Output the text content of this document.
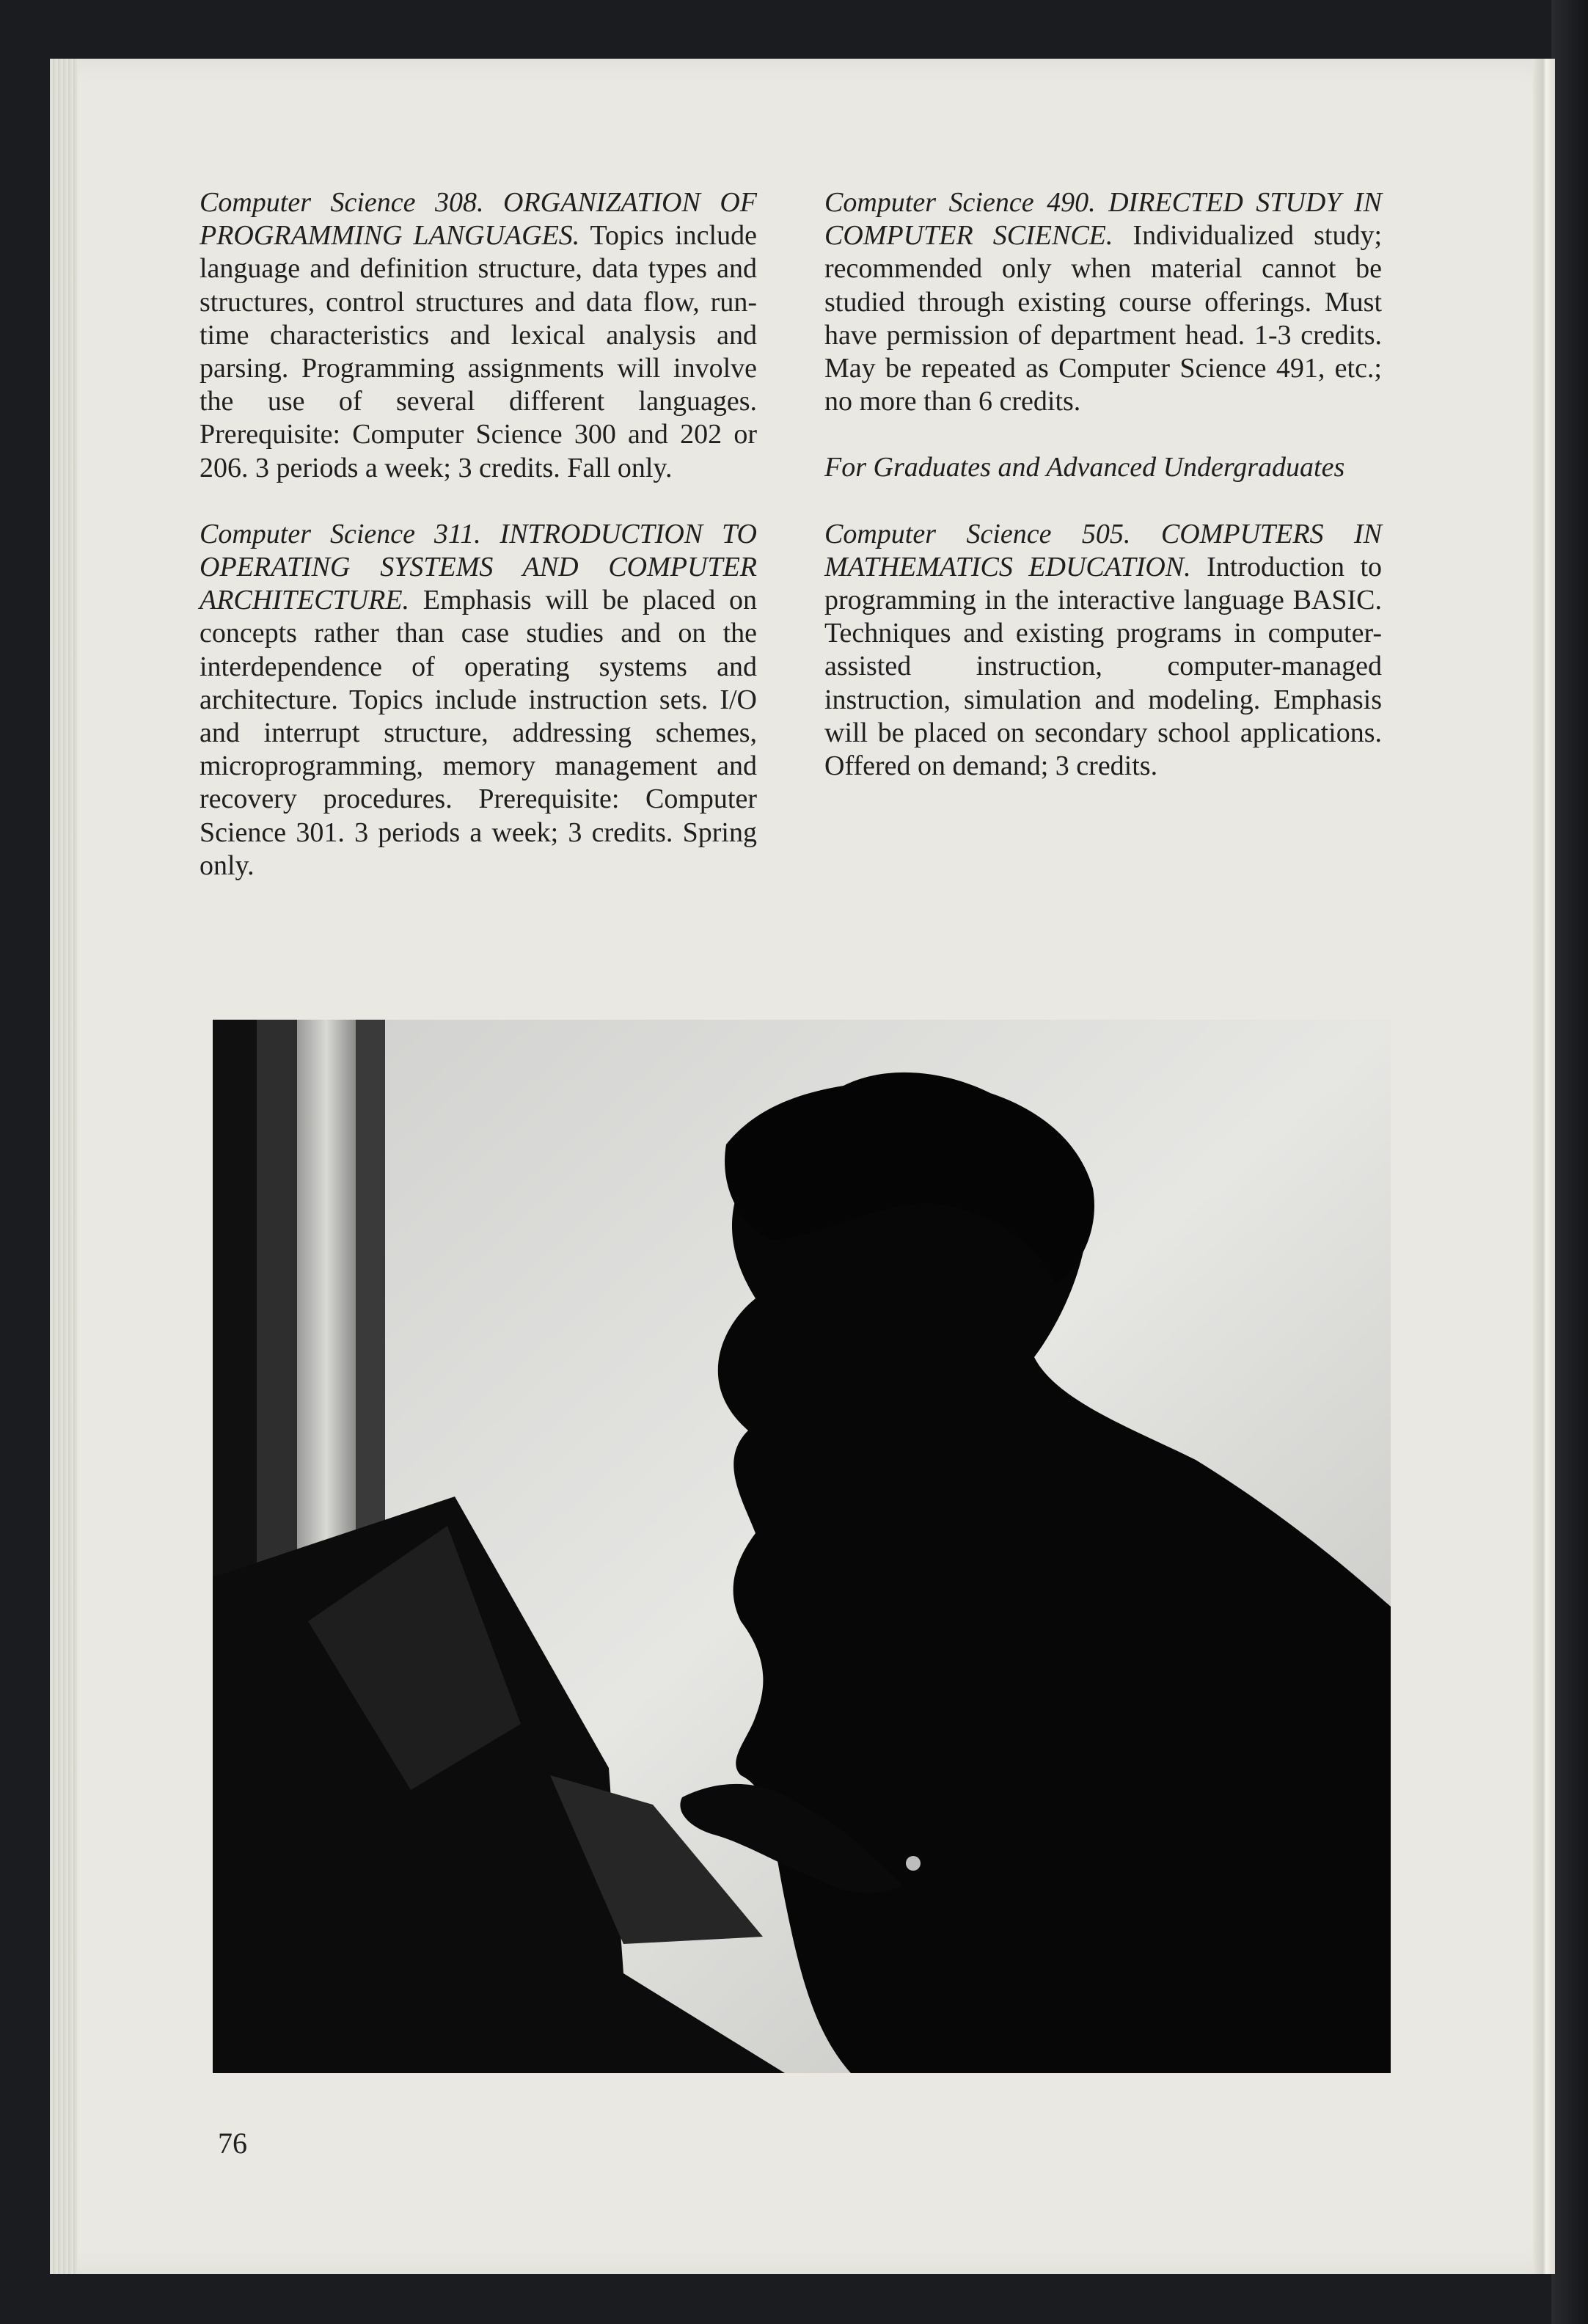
Computer Science 308. ORGANIZATION OF PROGRAMMING LANGUAGES. Topics include language and definition structure, data types and structures, control structures and data flow, run-time characteristics and lexical analysis and parsing. Programming assignments will involve the use of several different languages. Prerequisite: Computer Science 300 and 202 or 206. 3 periods a week; 3 credits. Fall only.

Computer Science 311. INTRODUCTION TO OPERATING SYSTEMS AND COMPUTER ARCHITECTURE. Emphasis will be placed on concepts rather than case studies and on the interdependence of operating systems and architecture. Topics include instruction sets. I/O and interrupt structure, addressing schemes, microprogramming, memory management and recovery procedures. Prerequisite: Computer Science 301. 3 periods a week; 3 credits. Spring only.

Computer Science 490. DIRECTED STUDY IN COMPUTER SCIENCE. Individualized study; recommended only when material cannot be studied through existing course offerings. Must have permission of department head. 1-3 credits. May be repeated as Computer Science 491, etc.; no more than 6 credits.

For Graduates and Advanced Undergraduates

Computer Science 505. COMPUTERS IN MATHEMATICS EDUCATION. Introduction to programming in the interactive language BASIC. Techniques and existing programs in computer-assisted instruction, computer-managed instruction, simulation and modeling. Emphasis will be placed on secondary school applications. Offered on demand; 3 credits.

76
